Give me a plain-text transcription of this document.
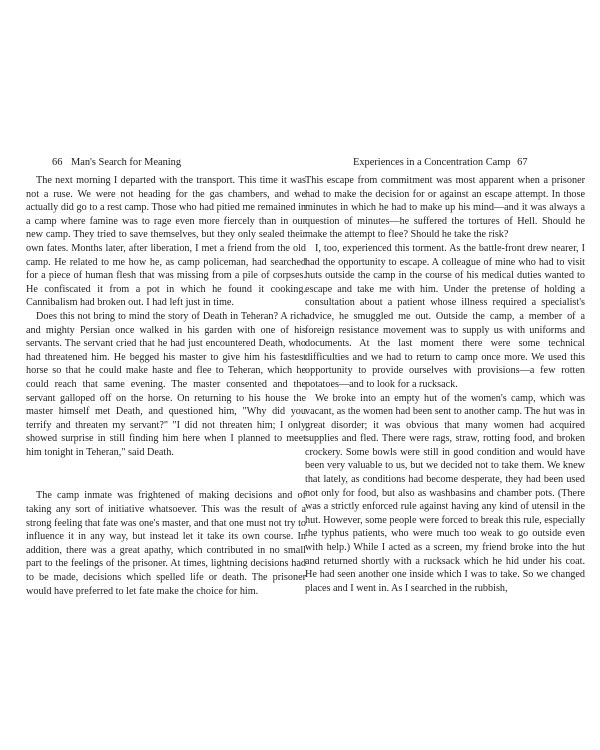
66 Man's Search for Meaning

The next morning I departed with the transport. This time it was not a ruse. We were not heading for the gas chambers, and we actually did go to a rest camp. Those who had pitied me remained in a camp where famine was to rage even more fiercely than in our new camp. They tried to save themselves, but they only sealed their own fates. Months later, after liberation, I met a friend from the old camp. He related to me how he, as camp policeman, had searched for a piece of human flesh that was missing from a pile of corpses. He confiscated it from a pot in which he found it cooking. Cannibalism had broken out. I had left just in time.

Does this not bring to mind the story of Death in Teheran? A rich and mighty Persian once walked in his garden with one of his servants. The servant cried that he had just encountered Death, who had threatened him. He begged his master to give him his fastest horse so that he could make haste and flee to Teheran, which he could reach that same evening. The master consented and the servant galloped off on the horse. On returning to his house the master himself met Death, and questioned him, "Why did you terrify and threaten my servant?" "I did not threaten him; I only showed surprise in still finding him here when I planned to meet him tonight in Teheran," said Death.

The camp inmate was frightened of making decisions and of taking any sort of initiative whatsoever. This was the result of a strong feeling that fate was one's master, and that one must not try to influence it in any way, but instead let it take its own course. In addition, there was a great apathy, which contributed in no small part to the feelings of the prisoner. At times, lightning decisions had to be made, decisions which spelled life or death. The prisoner would have preferred to let fate make the choice for him.

Experiences in a Concentration Camp 67

This escape from commitment was most apparent when a prisoner had to make the decision for or against an escape attempt. In those minutes in which he had to make up his mind—and it was always a question of minutes—he suffered the tortures of Hell. Should he make the attempt to flee? Should he take the risk?

I, too, experienced this torment. As the battle-front drew nearer, I had the opportunity to escape. A colleague of mine who had to visit huts outside the camp in the course of his medical duties wanted to escape and take me with him. Under the pretense of holding a consultation about a patient whose illness required a specialist's advice, he smuggled me out. Outside the camp, a member of a foreign resistance movement was to supply us with uniforms and documents. At the last moment there were some technical difficulties and we had to return to camp once more. We used this opportunity to provide ourselves with provisions—a few rotten potatoes—and to look for a rucksack.

We broke into an empty hut of the women's camp, which was vacant, as the women had been sent to another camp. The hut was in great disorder; it was obvious that many women had acquired supplies and fled. There were rags, straw, rotting food, and broken crockery. Some bowls were still in good condition and would have been very valuable to us, but we decided not to take them. We knew that lately, as conditions had become desperate, they had been used not only for food, but also as washbasins and chamber pots. (There was a strictly enforced rule against having any kind of utensil in the hut. However, some people were forced to break this rule, especially the typhus patients, who were much too weak to go outside even with help.) While I acted as a screen, my friend broke into the hut and returned shortly with a rucksack which he hid under his coat. He had seen another one inside which I was to take. So we changed places and I went in. As I searched in the rubbish,
